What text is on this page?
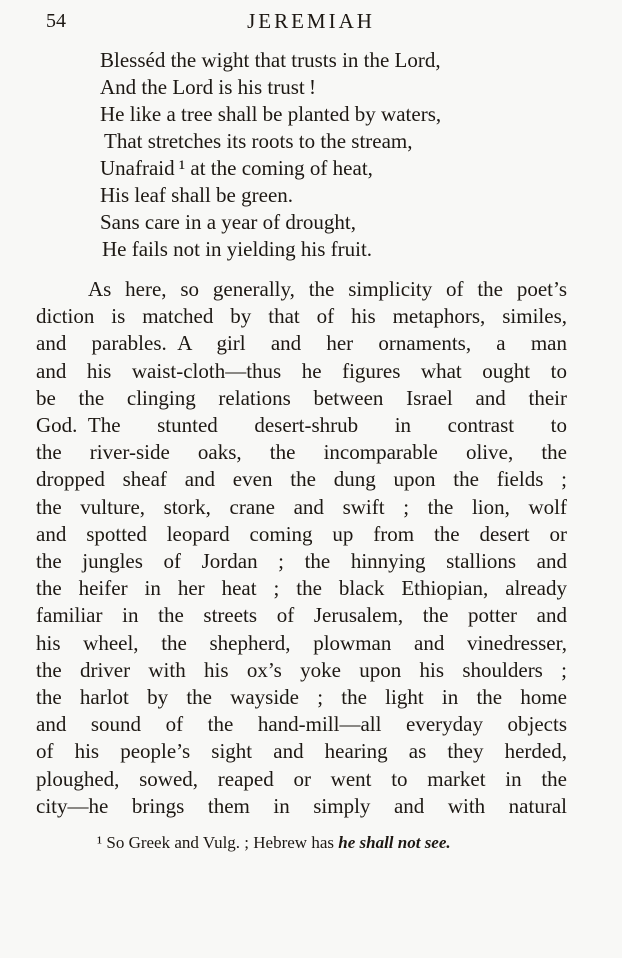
54	JEREMIAH
Blesséd the wight that trusts in the Lord,
And the Lord is his trust !
He like a tree shall be planted by waters,
That stretches its roots to the stream,
Unafraid ¹ at the coming of heat,
His leaf shall be green.
Sans care in a year of drought,
He fails not in yielding his fruit.
As here, so generally, the simplicity of the poet’s
diction is matched by that of his metaphors, similes,
and parables. A girl and her ornaments, a man
and his waist-cloth—thus he figures what ought to
be the clinging relations between Israel and their
God. The stunted desert-shrub in contrast to
the river-side oaks, the incomparable olive, the
dropped sheaf and even the dung upon the fields ;
the vulture, stork, crane and swift ; the lion, wolf
and spotted leopard coming up from the desert or
the jungles of Jordan ; the hinnying stallions and
the heifer in her heat ; the black Ethiopian, already
familiar in the streets of Jerusalem, the potter and
his wheel, the shepherd, plowman and vinedresser,
the driver with his ox’s yoke upon his shoulders ;
the harlot by the wayside ; the light in the home
and sound of the hand-mill—all everyday objects
of his people’s sight and hearing as they herded,
ploughed, sowed, reaped or went to market in the
city—he brings them in simply and with natural
¹ So Greek and Vulg. ; Hebrew has he shall not see.
